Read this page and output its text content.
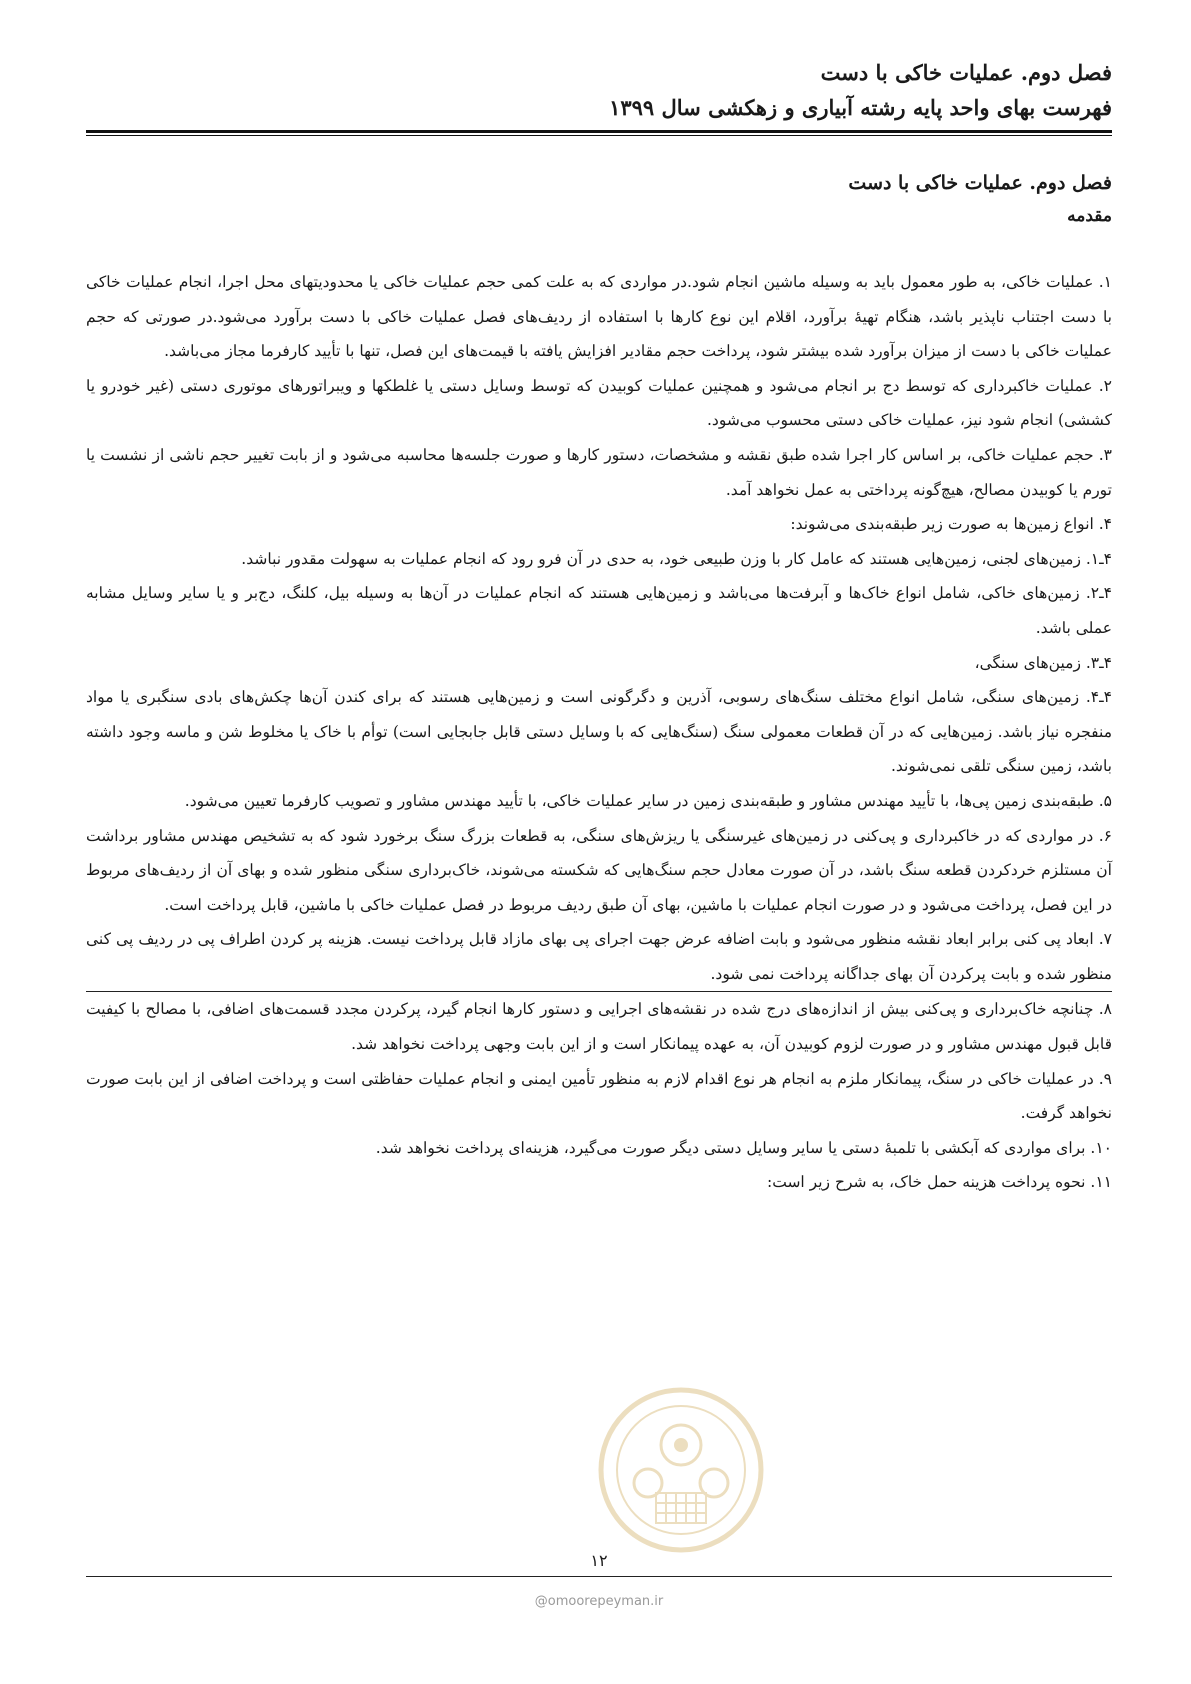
فصل دوم. عملیات خاکی با دست
فهرست بهای واحد پایه رشته آبیاری و زهکشی سال ۱۳۹۹
فصل دوم. عملیات خاکی با دست
مقدمه

۱. عملیات خاکی، به طور معمول باید به وسیله ماشین انجام شود.در مواردی که به علت کمی حجم عملیات خاکی یا محدودیتهای محل اجرا، انجام عملیات خاکی با دست اجتناب ناپذیر باشد، هنگام تهیهٔ برآورد، اقلام این نوع کارها با استفاده از ردیف‌های فصل عملیات خاکی با دست برآورد می‌شود.در صورتی که حجم عملیات خاکی با دست از میزان برآورد شده بیشتر شود، پرداخت حجم مقادیر افزایش یافته با قیمت‌های این فصل، تنها با تأیید کارفرما مجاز می‌باشد.

۲. عملیات خاکبرداری که توسط دج بر انجام می‌شود و همچنین عملیات کوبیدن که توسط وسایل دستی یا غلطکها و ویبراتورهای موتوری دستی (غیر خودرو یا کششی) انجام شود نیز، عملیات خاکی دستی محسوب می‌شود.

۳. حجم عملیات خاکی، بر اساس کار اجرا شده طبق نقشه و مشخصات، دستور کارها و صورت جلسه‌ها محاسبه می‌شود و از بابت تغییر حجم ناشی از نشست یا تورم یا کوبیدن مصالح، هیچ‌گونه پرداختی به عمل نخواهد آمد.

۴. انواع زمین‌ها به صورت زیر طبقه‌بندی می‌شوند:

۴ـ۱. زمین‌های لجنی، زمین‌هایی هستند که عامل کار با وزن طبیعی خود، به حدی در آن فرو رود که انجام عملیات به سهولت مقدور نباشد.

۴ـ۲. زمین‌های خاکی، شامل انواع خاک‌ها و آبرفت‌ها می‌باشد و زمین‌هایی هستند که انجام عملیات در آن‌ها به وسیله بیل، کلنگ، دج‌بر و یا سایر وسایل مشابه عملی باشد.

۴ـ۳. زمین‌های سنگی،

۴ـ۴. زمین‌های سنگی، شامل انواع مختلف سنگ‌های رسوبی، آذرین و دگرگونی است و زمین‌هایی هستند که برای کندن آن‌ها چکش‌های بادی سنگبری یا مواد منفجره نیاز باشد. زمین‌هایی که در آن قطعات معمولی سنگ (سنگ‌هایی که با وسایل دستی قابل جابجایی است) توأم با خاک یا مخلوط شن و ماسه وجود داشته باشد، زمین سنگی تلقی نمی‌شوند.

۵. طبقه‌بندی زمین پی‌ها، با تأیید مهندس مشاور و طبقه‌بندی زمین در سایر عملیات خاکی، با تأیید مهندس مشاور و تصویب کارفرما تعیین می‌شود.

۶. در مواردی که در خاکبرداری و پی‌کنی در زمین‌های غیرسنگی یا ریزش‌های سنگی، به قطعات بزرگ سنگ برخورد شود که به تشخیص مهندس مشاور برداشت آن مستلزم خردکردن قطعه سنگ باشد، در آن صورت معادل حجم سنگ‌هایی که شکسته می‌شوند، خاک‌برداری سنگی منظور شده و بهای آن از ردیف‌های مربوط در این فصل، پرداخت می‌شود و در صورت انجام عملیات با ماشین، بهای آن طبق ردیف مربوط در فصل عملیات خاکی با ماشین، قابل پرداخت است.

۷. ابعاد پی کنی برابر ابعاد نقشه منظور می‌شود و بابت اضافه عرض جهت اجرای پی بهای مازاد قابل پرداخت نیست. هزینه پر کردن اطراف پی در ردیف پی کنی منظور شده و بابت پرکردن آن بهای جداگانه پرداخت نمی شود.

۸. چنانچه خاک‌برداری و پی‌کنی بیش از اندازه‌های درج شده در نقشه‌های اجرایی و دستور کارها انجام گیرد، پرکردن مجدد قسمت‌های اضافی، با مصالح با کیفیت قابل قبول مهندس مشاور و در صورت لزوم کوبیدن آن، به عهده پیمانکار است و از این بابت وجهی پرداخت نخواهد شد.

۹. در عملیات خاکی در سنگ، پیمانکار ملزم به انجام هر نوع اقدام لازم به منظور تأمین ایمنی و انجام عملیات حفاظتی است و پرداخت اضافی از این بابت صورت نخواهد گرفت.

۱۰. برای مواردی که آبکشی با تلمبهٔ دستی یا سایر وسایل دستی دیگر صورت می‌گیرد، هزینه‌ای پرداخت نخواهد شد.

۱۱. نحوه پرداخت هزینه حمل خاک، به شرح زیر است:

۱۲
@omoorepeyman.ir
